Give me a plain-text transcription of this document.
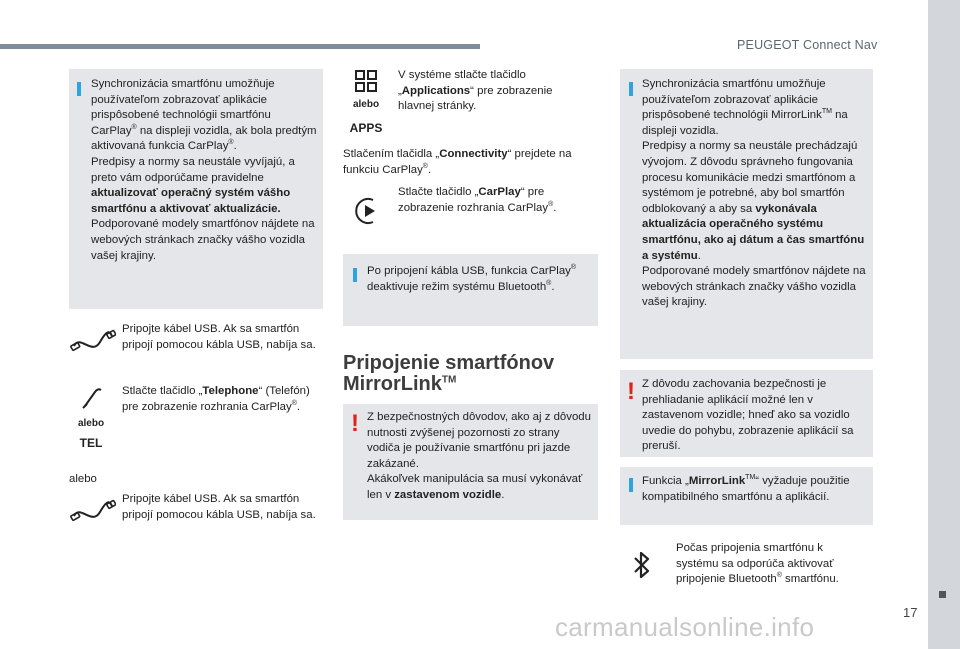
PEUGEOT Connect Nav
17
Synchronizácia smartfónu umožňuje používateľom zobrazovať aplikácie prispôsobené technológii smartfónu CarPlay® na displeji vozidla, ak bola predtým aktivovaná funkcia CarPlay®.
Predpisy a normy sa neustále vyvíjajú, a preto vám odporúčame pravidelne aktualizovať operačný systém vášho smartfónu a aktivovať aktualizácie.
Podporované modely smartfónov nájdete na webových stránkach značky vášho vozidla vašej krajiny.
Pripojte kábel USB. Ak sa smartfón pripojí pomocou kábla USB, nabíja sa.
alebo
TEL
Stlačte tlačidlo „Telephone“ (Telefón) pre zobrazenie rozhrania CarPlay®.
alebo
Pripojte kábel USB. Ak sa smartfón pripojí pomocou kábla USB, nabíja sa.
alebo
APPS
V systéme stlačte tlačidlo „Applications“ pre zobrazenie hlavnej stránky.
Stlačením tlačidla „Connectivity“ prejdete na funkciu CarPlay®.
Stlačte tlačidlo „CarPlay“ pre zobrazenie rozhrania CarPlay®.
Po pripojení kábla USB, funkcia CarPlay® deaktivuje režim systému Bluetooth®.
Pripojenie smartfónov
MirrorLink™
! Z bezpečnostných dôvodov, ako aj z dôvodu nutnosti zvýšenej pozornosti zo strany vodiča je používanie smartfónu pri jazde zakázané.
Akákoľvek manipulácia sa musí vykonávať len v zastavenom vozidle.
Synchronizácia smartfónu umožňuje používateľom zobrazovať aplikácie prispôsobené technológii MirrorLink™ na displeji vozidla.
Predpisy a normy sa neustále prechádzajú vývojom. Z dôvodu správneho fungovania procesu komunikácie medzi smartfónom a systémom je potrebné, aby bol smartfón odblokovaný a aby sa vykonávala aktualizácia operačného systému smartfónu, ako aj dátum a čas smartfónu a systému.
Podporované modely smartfónov nájdete na webových stránkach značky vášho vozidla vašej krajiny.
! Z dôvodu zachovania bezpečnosti je prehliadanie aplikácií možné len v zastavenom vozidle; hneď ako sa vozidlo uvedie do pohybu, zobrazenie aplikácií sa preruší.
Funkcia „MirrorLink™“ vyžaduje použitie kompatibilného smartfónu a aplikácií.
Počas pripojenia smartfónu k systému sa odporúča aktivovať pripojenie Bluetooth® smartfónu.
carmanualsonline.info
